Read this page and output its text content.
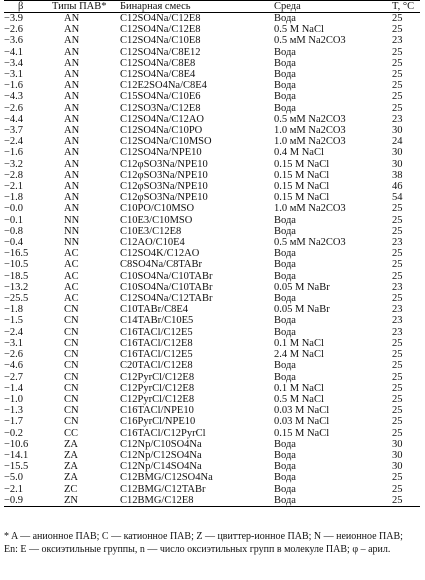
β	Типы ПАВ*	Бинарная смесь	Среда	T, °C
−3.9	AN	C12SO4Na/C12E8	Вода	25
−2.6	AN	C12SO4Na/C12E8	0.5 M NaCl	25
−3.6	AN	C12SO4Na/C10E8	0.5 мМ Na2CO3	23
−4.1	AN	C12SO4Na/C8E12	Вода	25
−3.4	AN	C12SO4Na/C8E8	Вода	25
−3.1	AN	C12SO4Na/C8E4	Вода	25
−1.6	AN	C12E2SO4Na/C8E4	Вода	25
−4.3	AN	C15SO4Na/C10E6	Вода	25
−2.6	AN	C12SO3Na/C12E8	Вода	25
−4.4	AN	C12SO4Na/C12AO	0.5 мМ Na2CO3	23
−3.7	AN	C12SO4Na/C10PO	1.0 мМ Na2CO3	30
−2.4	AN	C12SO4Na/C10MSO	1.0 мМ Na2CO3	24
−1.6	AN	C12SO4Na/NPE10	0.4 M NaCl	30
−3.2	AN	C12φSO3Na/NPE10	0.15 M NaCl	30
−2.8	AN	C12φSO3Na/NPE10	0.15 M NaCl	38
−2.1	AN	C12φSO3Na/NPE10	0.15 M NaCl	46
−1.8	AN	C12φSO3Na/NPE10	0.15 M NaCl	54
−0.0	AN	C10PO/C10MSO	1.0 мМ Na2CO3	25
−0.1	NN	C10E3/C10MSO	Вода	25
−0.8	NN	C10E3/C12E8	Вода	25
−0.4	NN	C12AO/C10E4	0.5 мМ Na2CO3	23
−16.5	AC	C12SO4K/C12AO	Вода	25
−10.5	AC	C8SO4Na/C8TABr	Вода	25
−18.5	AC	C10SO4Na/C10TABr	Вода	25
−13.2	AC	C10SO4Na/C10TABr	0.05 M NaBr	23
−25.5	AC	C12SO4Na/C12TABr	Вода	25
−1.8	CN	C10TABr/C8E4	0.05 M NaBr	23
−1.5	CN	C14TABr/C10E5	Вода	23
−2.4	CN	C16TACl/C12E5	Вода	23
−3.1	CN	C16TACl/C12E8	0.1 M NaCl	25
−2.6	CN	C16TACl/C12E5	2.4 M NaCl	25
−4.6	CN	C20TACl/C12E8	Вода	25
−2.7	CN	C12PyrCl/C12E8	Вода	25
−1.4	CN	C12PyrCl/C12E8	0.1 M NaCl	25
−1.0	CN	C12PyrCl/C12E8	0.5 M NaCl	25
−1.3	CN	C16TACl/NPE10	0.03 M NaCl	25
−1.7	CN	C16PyrCl/NPE10	0.03 M NaCl	25
−0.2	CC	C16TACl/C12PyrCl	0.15 M NaCl	25
−10.6	ZA	C12Np/C10SO4Na	Вода	30
−14.1	ZA	C12Np/C12SO4Na	Вода	30
−15.5	ZA	C12Np/C14SO4Na	Вода	30
−5.0	ZA	C12BMG/C12SO4Na	Вода	25
−2.1	ZC	C12BMG/C12TABr	Вода	25
−0.9	ZN	C12BMG/C12E8	Вода	25
* A — анионное ПАВ; C — катионное ПАВ; Z — цвиттер-ионное ПАВ; N — неионное ПАВ;
En: E — оксиэтильные группы, n — число оксиэтильных групп в молекуле ПАВ; φ – арил.
